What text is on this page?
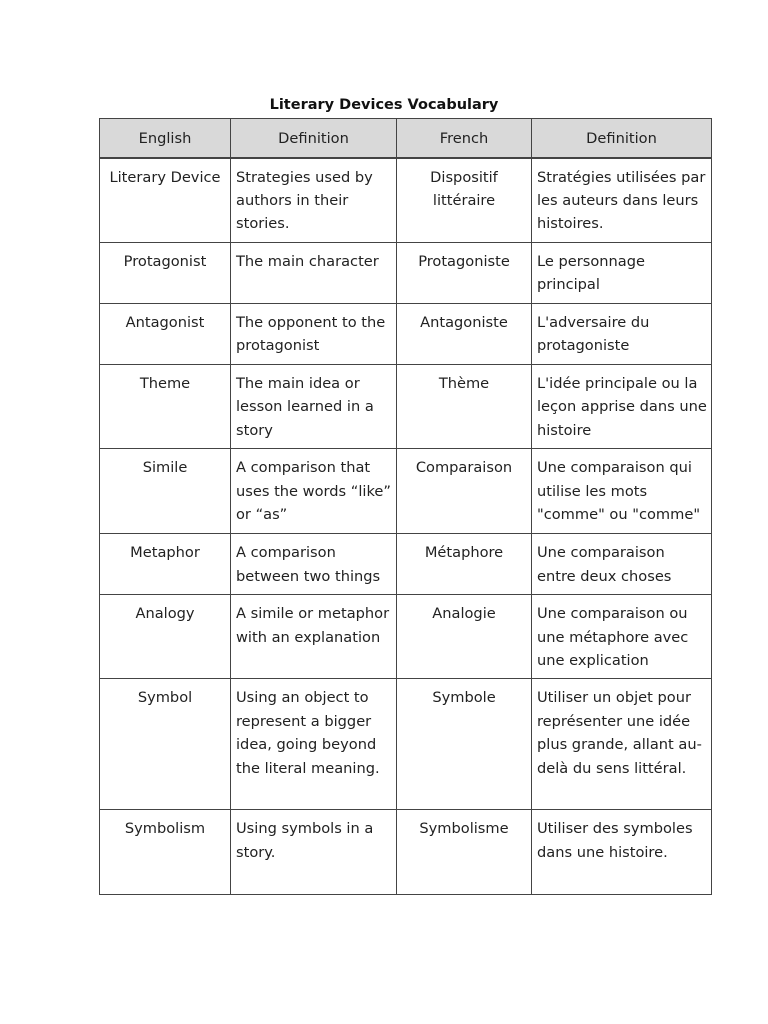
Literary Devices Vocabulary
English	Definition	French	Definition
Literary Device	Strategies used by authors in their stories.	Dispositif littéraire	Stratégies utilisées par les auteurs dans leurs histoires.
Protagonist	The main character	Protagoniste	Le personnage principal
Antagonist	The opponent to the protagonist	Antagoniste	L'adversaire du protagoniste
Theme	The main idea or lesson learned in a story	Thème	L'idée principale ou la leçon apprise dans une histoire
Simile	A comparison that uses the words “like” or “as”	Comparaison	Une comparaison qui utilise les mots "comme" ou "comme"
Metaphor	A comparison between two things	Métaphore	Une comparaison entre deux choses
Analogy	A simile or metaphor with an explanation	Analogie	Une comparaison ou une métaphore avec une explication
Symbol	Using an object to represent a bigger idea, going beyond the literal meaning.	Symbole	Utiliser un objet pour représenter une idée plus grande, allant au-delà du sens littéral.
Symbolism	Using symbols in a story.	Symbolisme	Utiliser des symboles dans une histoire.
